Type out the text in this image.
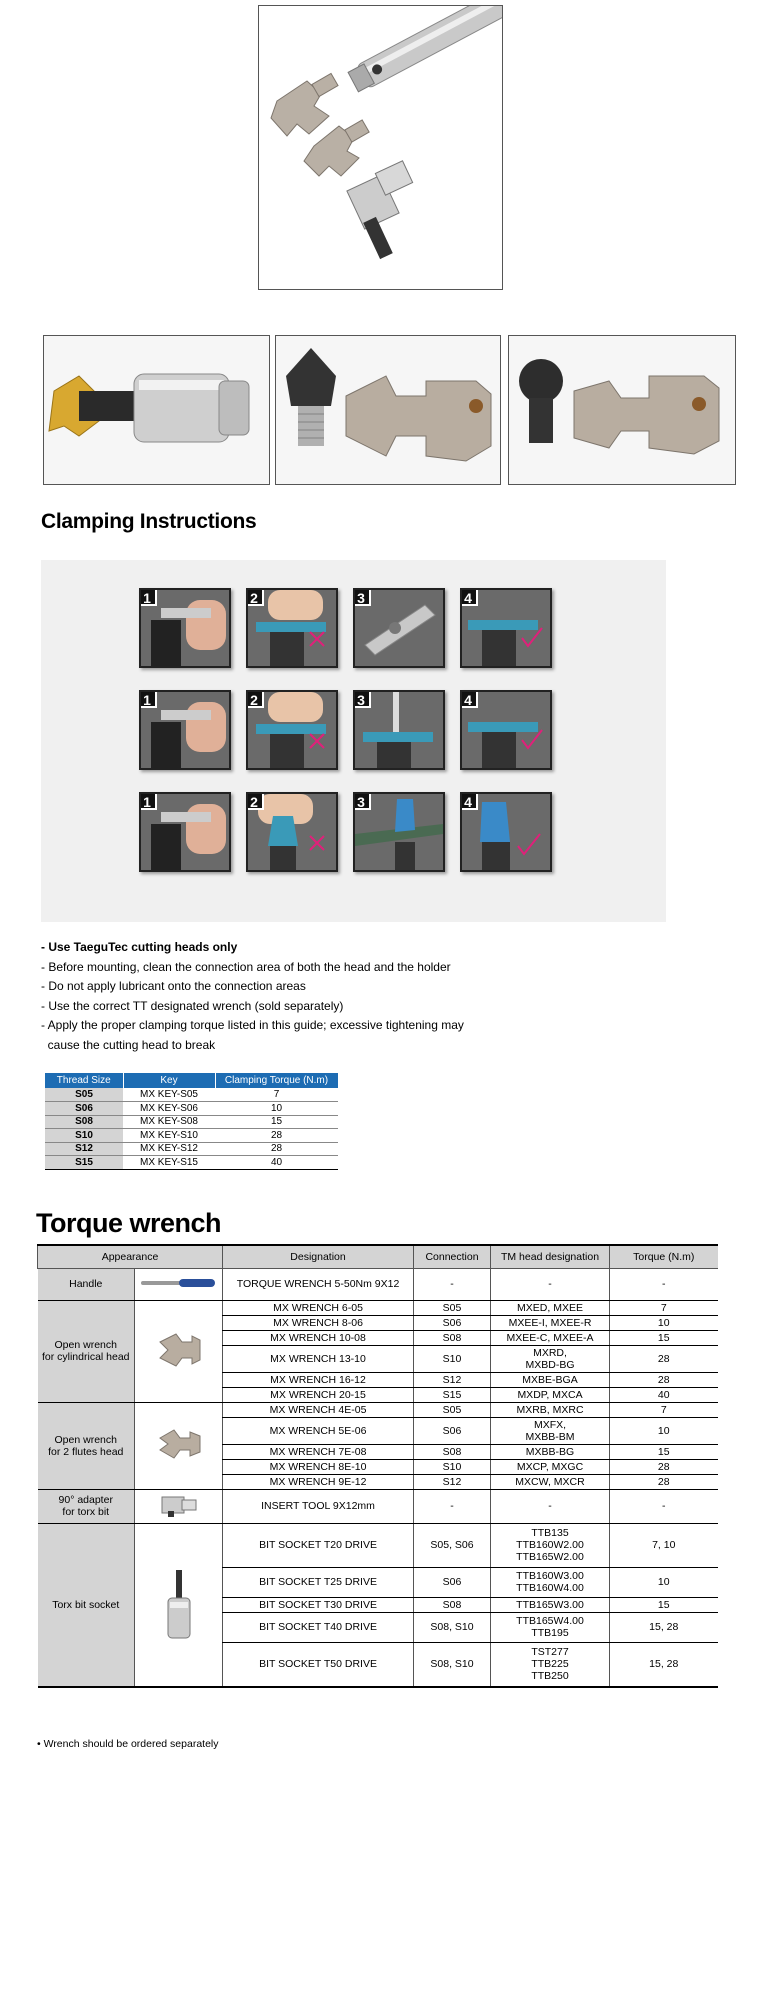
Clamping Instructions
1	2	3	4
1	2	3	4
1	2	3	4
- Use TaeguTec cutting heads only
- Before mounting, clean the connection area of both the head and the holder
- Do not apply lubricant onto the connection areas
- Use the correct TT designated wrench (sold separately)
- Apply the proper clamping torque listed in this guide; excessive tightening may
cause the cutting head to break
Thread Size	Key	Clamping Torque (N.m)
S05	MX KEY-S05	7
S06	MX KEY-S06	10
S08	MX KEY-S08	15
S10	MX KEY-S10	28
S12	MX KEY-S12	28
S15	MX KEY-S15	40
Torque wrench
Appearance		Designation	Connection	TM head designation	Torque (N.m)
Handle		TORQUE WRENCH 5-50Nm 9X12	-	-	-
Open wrench
for cylindrical head		MX WRENCH 6-05	S05	MXED, MXEE	7
		MX WRENCH 8-06	S06	MXEE-I, MXEE-R	10
		MX WRENCH 10-08	S08	MXEE-C, MXEE-A	15
		MX WRENCH 13-10	S10	MXRD,
MXBD-BG	28
		MX WRENCH 16-12	S12	MXBE-BGA	28
		MX WRENCH 20-15	S15	MXDP, MXCA	40
Open wrench
for 2 flutes head		MX WRENCH 4E-05	S05	MXRB, MXRC	7
		MX WRENCH 5E-06	S06	MXFX,
MXBB-BM	10
		MX WRENCH 7E-08	S08	MXBB-BG	15
		MX WRENCH 8E-10	S10	MXCP, MXGC	28
		MX WRENCH 9E-12	S12	MXCW, MXCR	28
90° adapter
for torx bit		INSERT TOOL 9X12mm	-	-	-
Torx bit socket		BIT SOCKET T20 DRIVE	S05, S06	TTB135
TTB160W2.00
TTB165W2.00	7, 10
		BIT SOCKET T25 DRIVE	S06	TTB160W3.00
TTB160W4.00	10
		BIT SOCKET T30 DRIVE	S08	TTB165W3.00	15
		BIT SOCKET T40 DRIVE	S08, S10	TTB165W4.00
TTB195	15, 28
		BIT SOCKET T50 DRIVE	S08, S10	TST277
TTB225
TTB250	15, 28
• Wrench should be ordered separately
